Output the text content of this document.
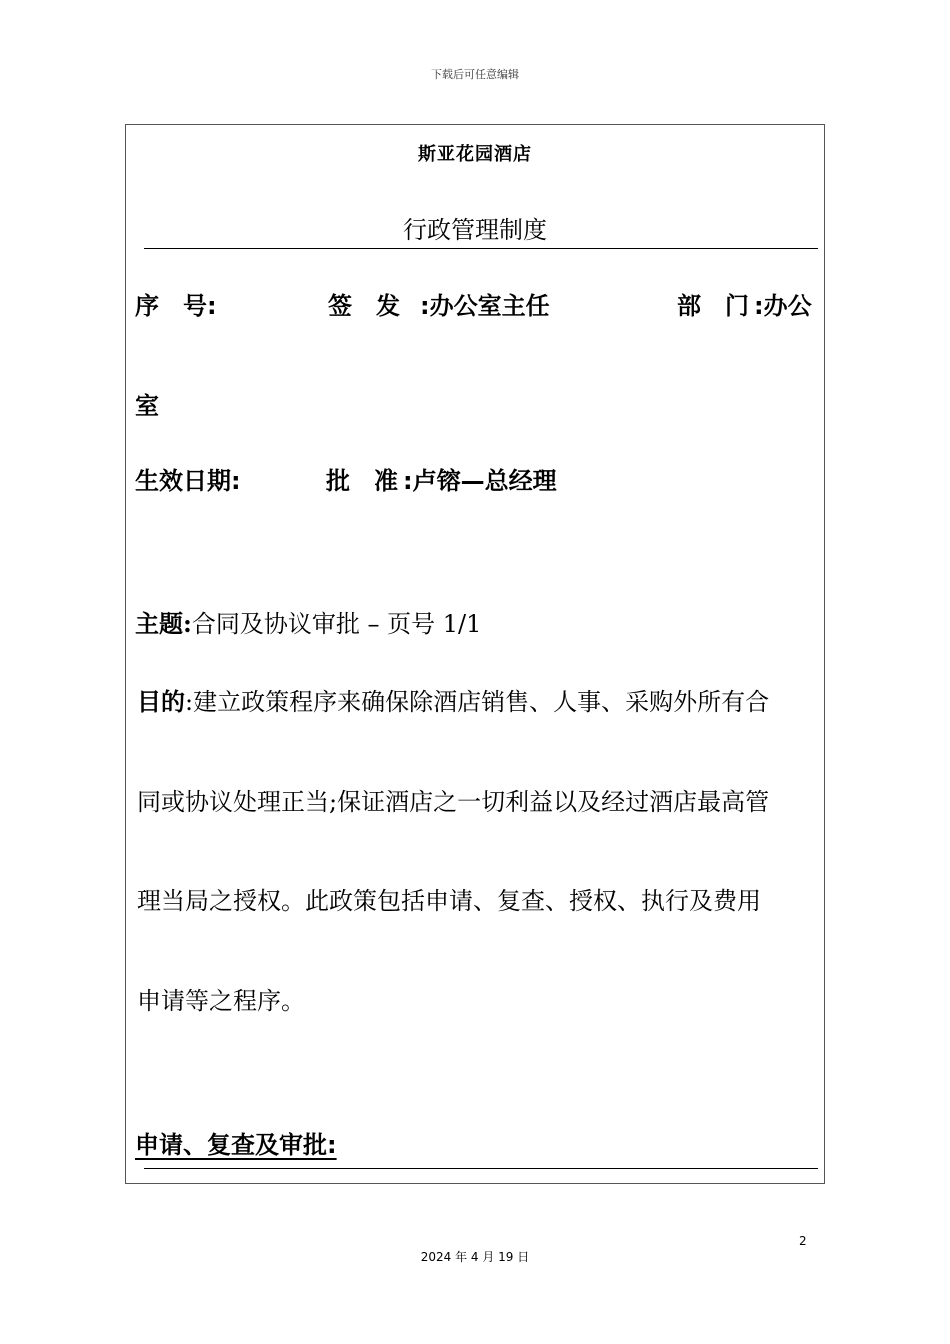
下载后可任意编辑
斯亚花园酒店
行政管理制度
序　号:	签　发 :办公室主任	部　门 :办公
室
生效日期:	批　准 :卢镕—总经理
主题:合同及协议审批 – 页号 1/1
目的:建立政策程序来确保除酒店销售、人事、采购外所有合
同或协议处理正当;保证酒店之一切利益以及经过酒店最高管
理当局之授权。此政策包括申请、复查、授权、执行及费用
申请等之程序。
申请、复查及审批:
2
2024 年 4 月 19 日
